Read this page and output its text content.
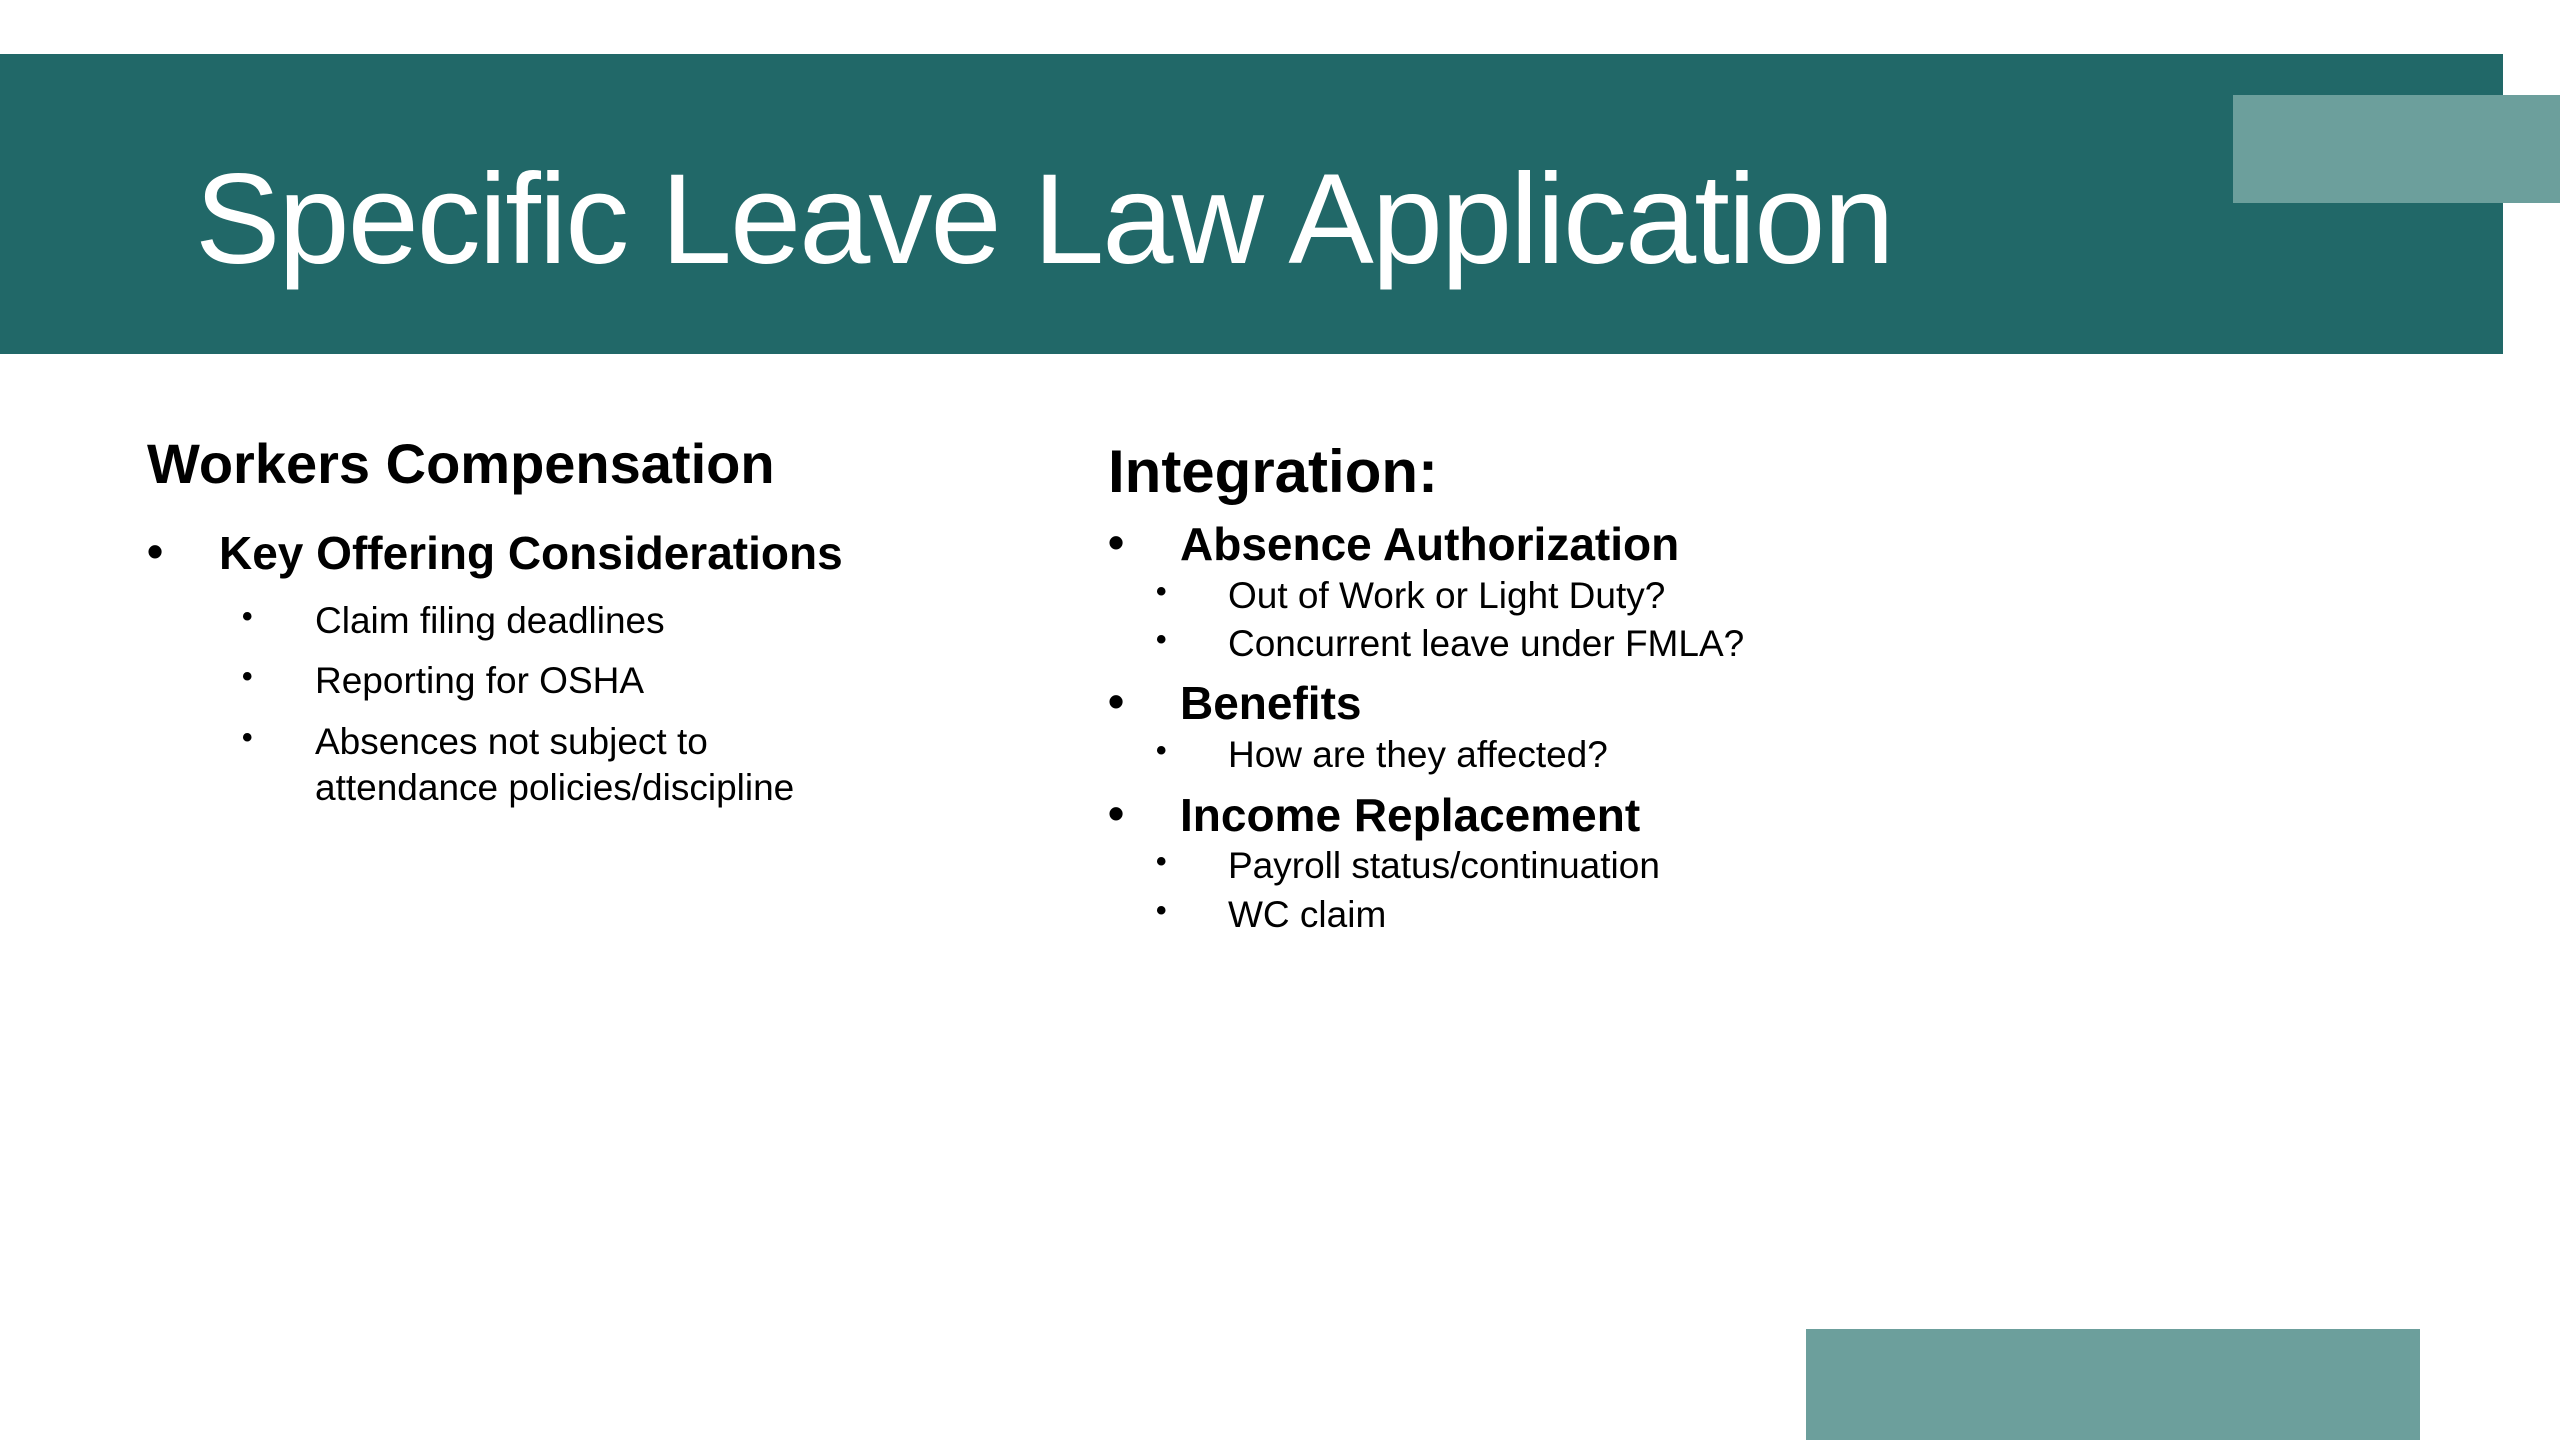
Specific Leave Law Application

Workers Compensation

• Key Offering Considerations
• Claim filing deadlines
• Reporting for OSHA
• Absences not subject to attendance policies/discipline

Integration:

• Absence Authorization
• Out of Work or Light Duty?
• Concurrent leave under FMLA?
• Benefits
• How are they affected?
• Income Replacement
• Payroll status/continuation
• WC claim
